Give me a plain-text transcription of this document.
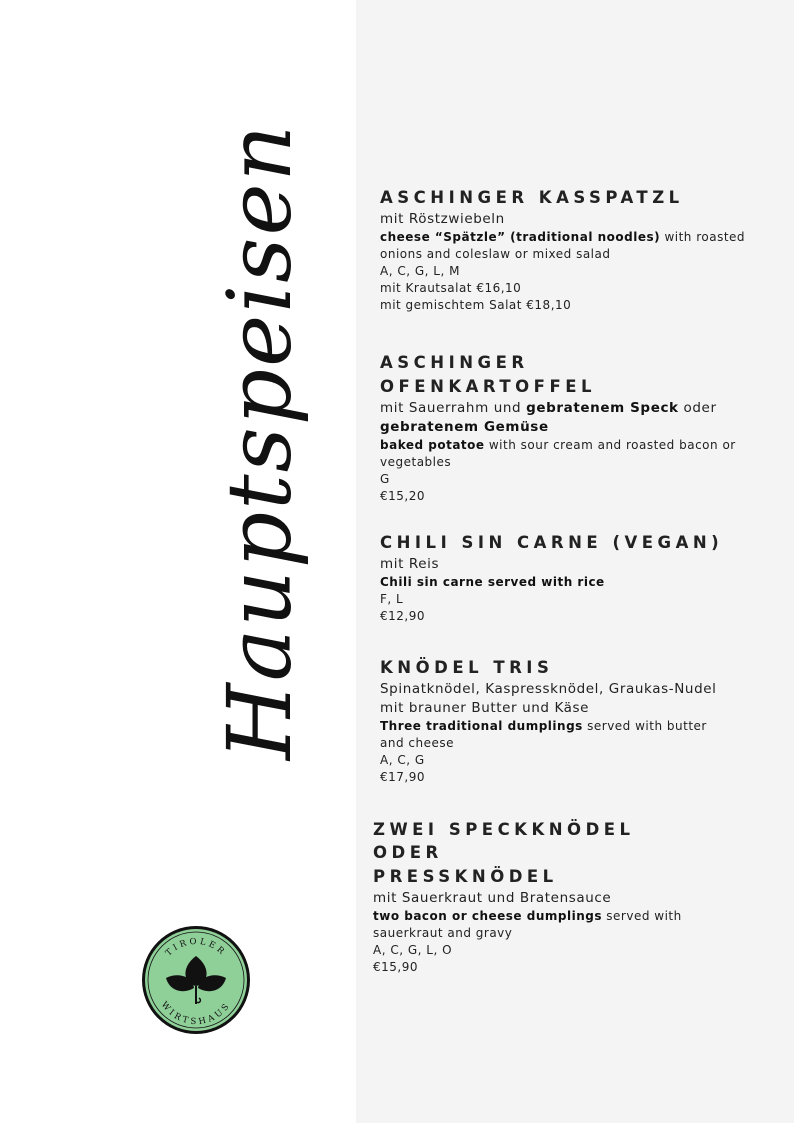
Hauptspeisen
TIROLER
WIRTSHAUS
ASCHINGER KASSPATZL
mit Röstzwiebeln
cheese “Spätzle” (traditional noodles) with roasted onions and coleslaw or mixed salad
A, C, G, L, M
mit Krautsalat €16,10
mit gemischtem Salat €18,10
ASCHINGER
OFENKARTOFFEL
mit Sauerrahm und gebratenem Speck oder gebratenem Gemüse
baked potatoe with sour cream and roasted bacon or vegetables
G
€15,20
CHILI SIN CARNE (VEGAN)
mit Reis
Chili sin carne served with rice
F, L
€12,90
KNÖDEL TRIS
Spinatknödel, Kaspressknödel, Graukas-Nudel mit brauner Butter und Käse
Three traditional dumplings served with butter and cheese
A, C, G
€17,90
ZWEI SPECKKNÖDEL ODER
PRESSKNÖDEL
mit Sauerkraut und Bratensauce
two bacon or cheese dumplings served with sauerkraut and gravy
A, C, G, L, O
€15,90
